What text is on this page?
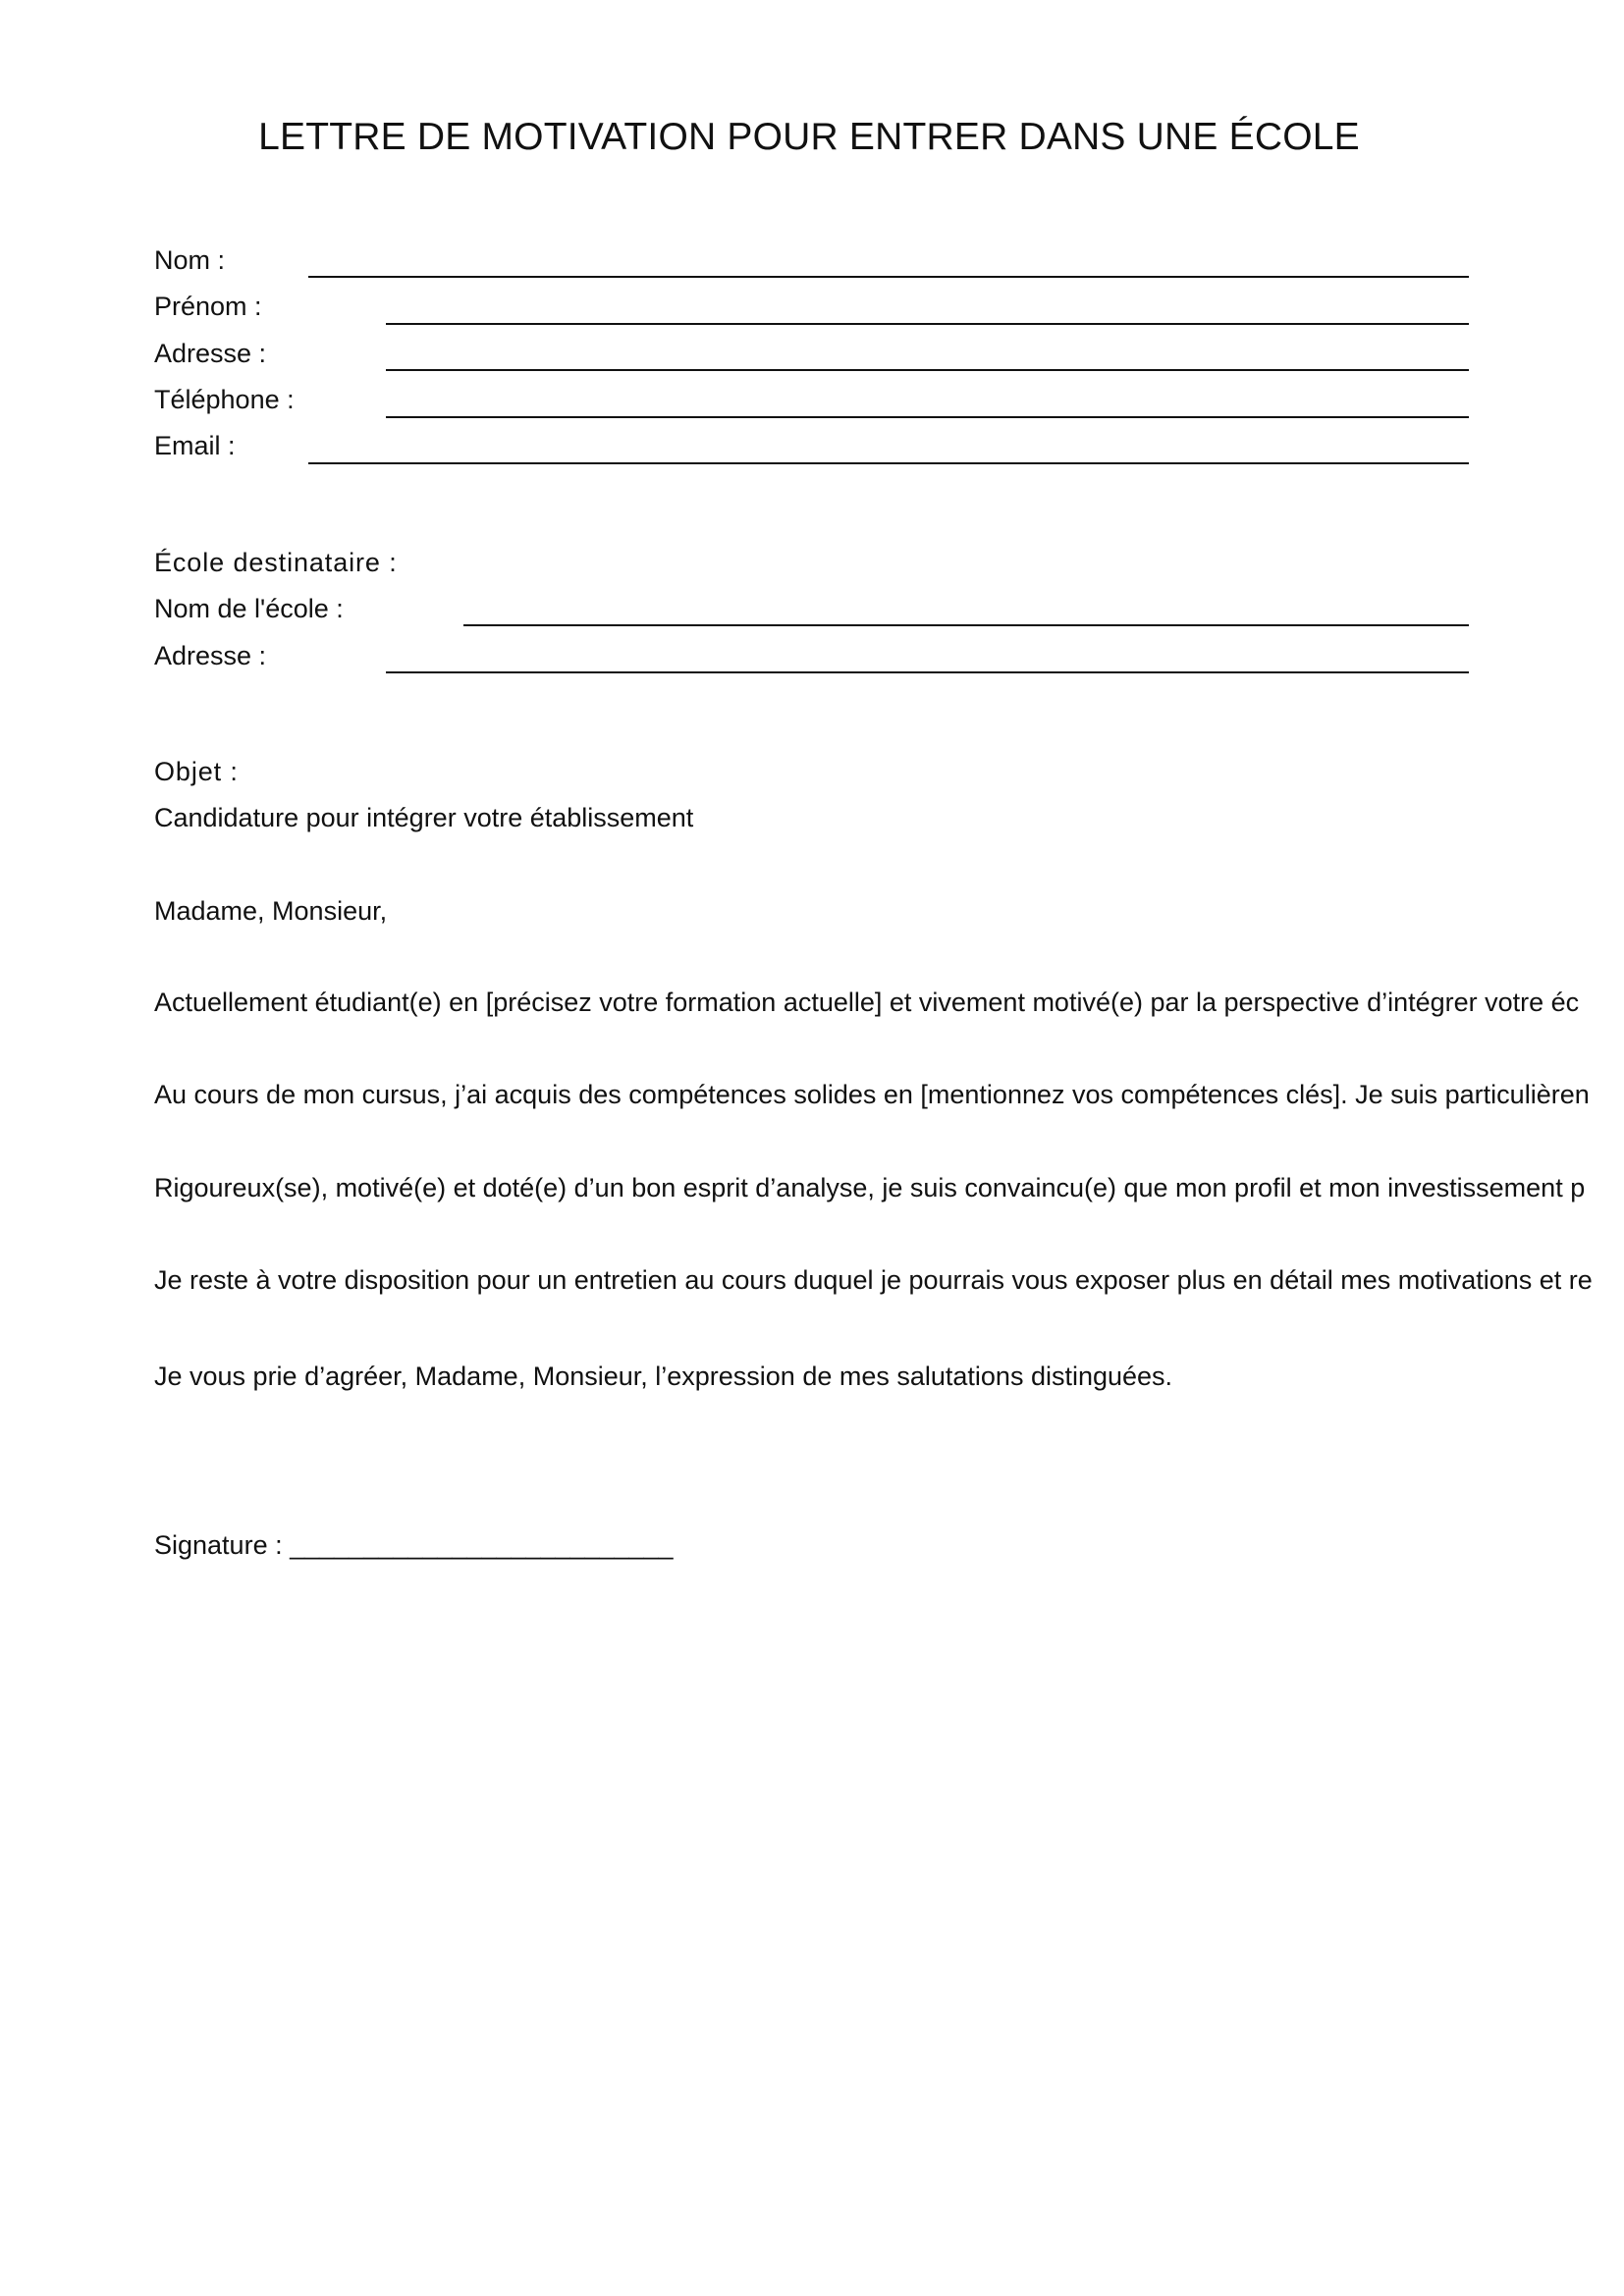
LETTRE DE MOTIVATION POUR ENTRER DANS UNE ÉCOLE
Nom :
Prénom :
Adresse :
Téléphone :
Email :
École destinataire :
Nom de l'école :
Adresse :
Objet :
Candidature pour intégrer votre établissement
Madame, Monsieur,
Actuellement étudiant(e) en [précisez votre formation actuelle] et vivement motivé(e) par la perspective d’intégrer votre éc
Au cours de mon cursus, j’ai acquis des compétences solides en [mentionnez vos compétences clés]. Je suis particulièren
Rigoureux(se), motivé(e) et doté(e) d’un bon esprit d’analyse, je suis convaincu(e) que mon profil et mon investissement p
Je reste à votre disposition pour un entretien au cours duquel je pourrais vous exposer plus en détail mes motivations et re
Je vous prie d’agréer, Madame, Monsieur, l’expression de mes salutations distinguées.
Signature : __________________________
